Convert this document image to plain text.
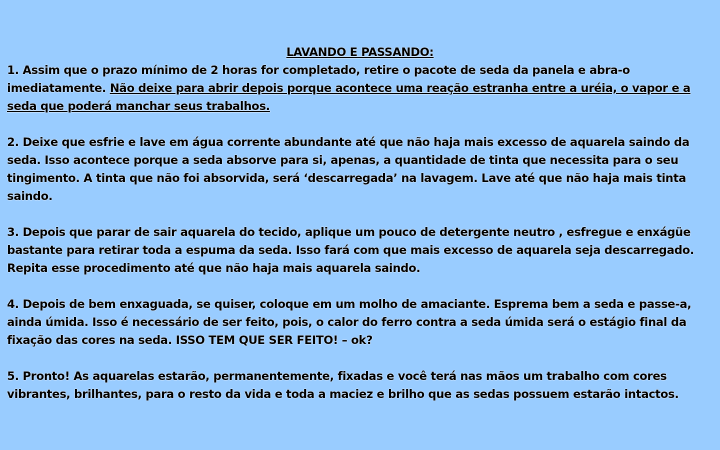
LAVANDO E PASSANDO:

1. Assim que o prazo mínimo de 2 horas for completado, retire o pacote de seda da panela e abra-o imediatamente. Não deixe para abrir depois porque acontece uma reação estranha entre a uréia, o vapor e a seda que poderá manchar seus trabalhos.

2. Deixe que esfrie e lave em água corrente abundante até que não haja mais excesso de aquarela saindo da seda. Isso acontece porque a seda absorve para si, apenas, a quantidade de tinta que necessita para o seu tingimento. A tinta que não foi absorvida, será ‘descarregada’ na lavagem. Lave até que não haja mais tinta saindo.

3. Depois que parar de sair aquarela do tecido, aplique um pouco de detergente neutro , esfregue e enxágüe bastante para retirar toda a espuma da seda. Isso fará com que mais excesso de aquarela seja descarregado. Repita esse procedimento até que não haja mais aquarela saindo.

4. Depois de bem enxaguada, se quiser, coloque em um molho de amaciante. Esprema bem a seda e passe-a, ainda úmida. Isso é necessário de ser feito, pois, o calor do ferro contra a seda úmida será o estágio final da fixação das cores na seda. ISSO TEM QUE SER FEITO! – ok?

5. Pronto! As aquarelas estarão, permanentemente, fixadas e você terá nas mãos um trabalho com cores vibrantes, brilhantes, para o resto da vida e toda a maciez e brilho que as sedas possuem estarão intactos.
